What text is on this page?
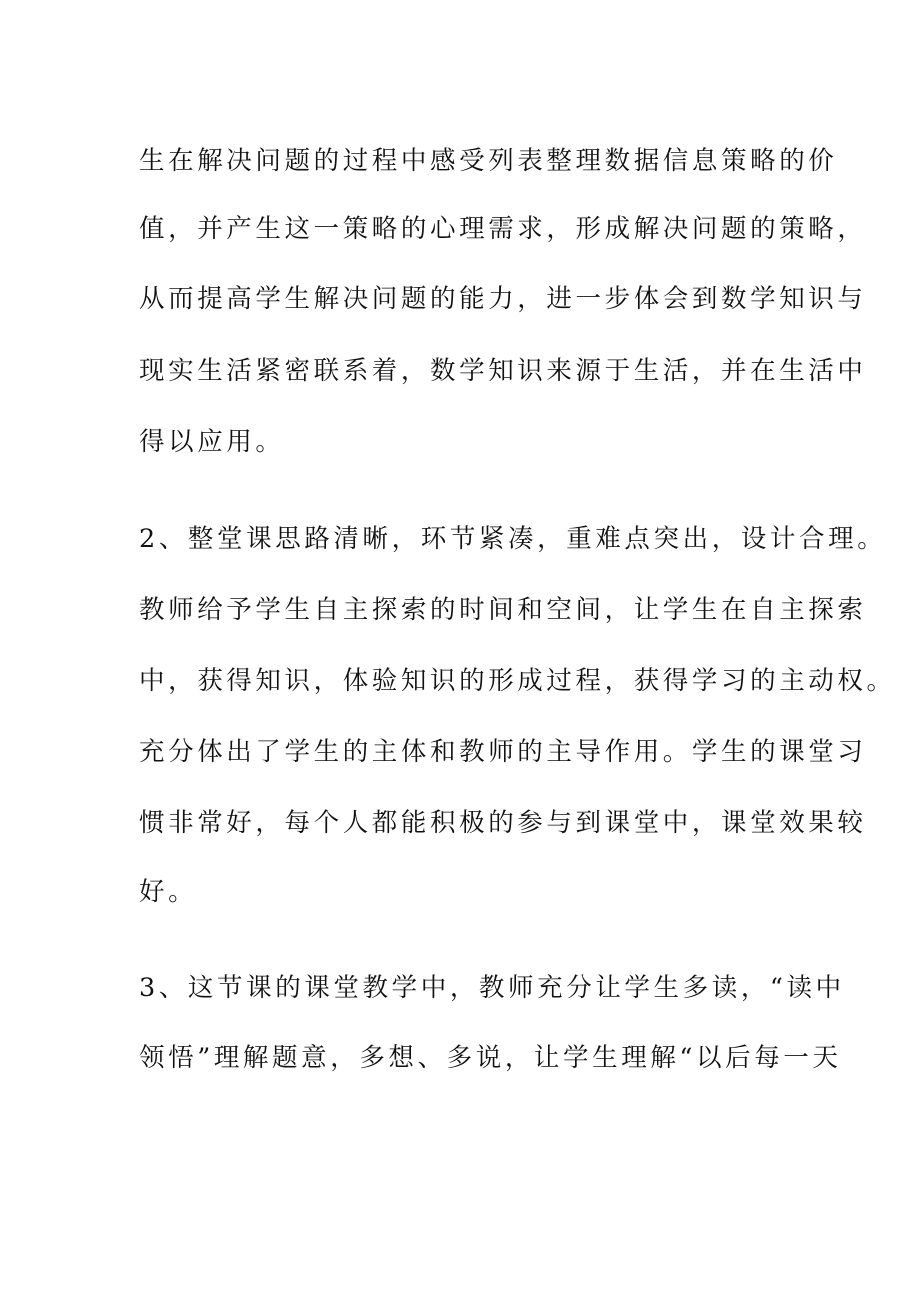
生在解决问题的过程中感受列表整理数据信息策略的价
值，并产生这一策略的心理需求，形成解决问题的策略，
从而提高学生解决问题的能力，进一步体会到数学知识与
现实生活紧密联系着，数学知识来源于生活，并在生活中
得以应用。
2、整堂课思路清晰，环节紧凑，重难点突出，设计合理。
教师给予学生自主探索的时间和空间，让学生在自主探索
中，获得知识，体验知识的形成过程，获得学习的主动权。
充分体出了学生的主体和教师的主导作用。学生的课堂习
惯非常好，每个人都能积极的参与到课堂中，课堂效果较
好。
3、这节课的课堂教学中，教师充分让学生多读，“读中
领悟”理解题意，多想、多说，让学生理解“以后每一天
